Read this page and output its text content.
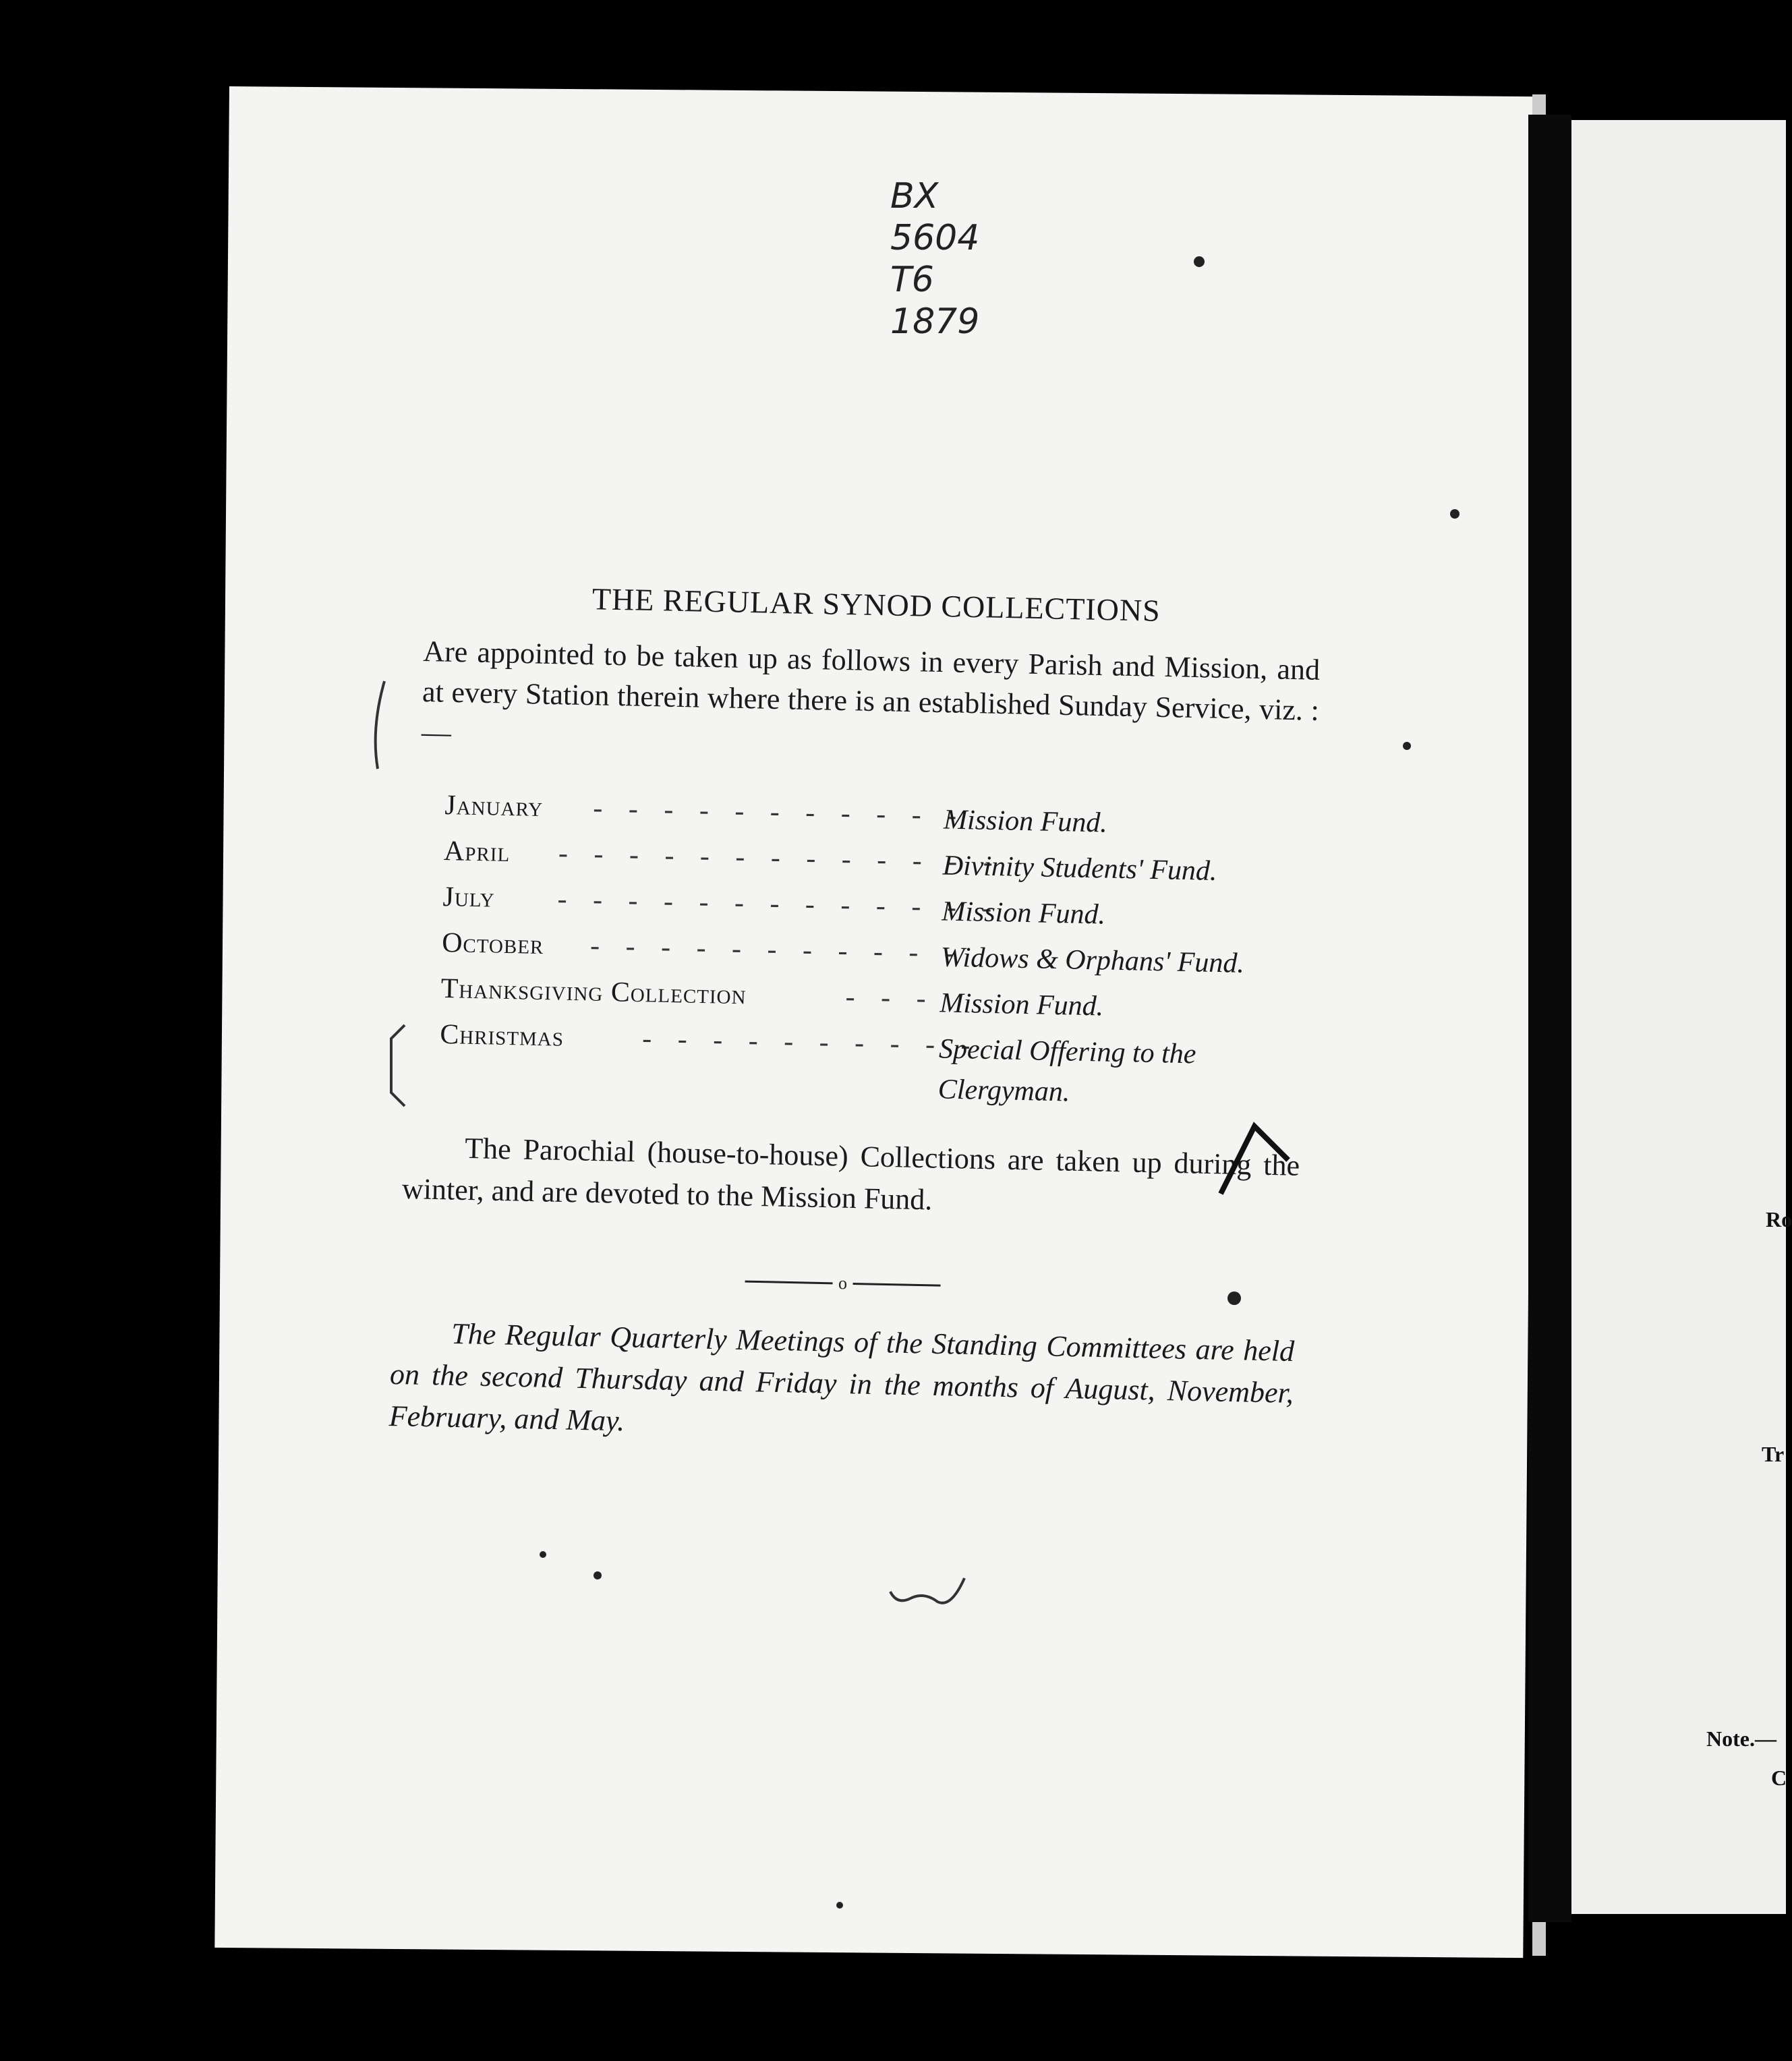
Ro
Tr
Note.—
C
BX
5604
T6
1879
THE REGULAR SYNOD COLLECTIONS
Are appointed to be taken up as follows in every Parish and Mission, and at every Station therein where there is an established Sunday Service, viz. :—
January - - - - - - - - - - -
Mission Fund.
April - - - - - - - - - - - - -
Divinity Students' Fund.
July - - - - - - - - - - - - -
Mission Fund.
October - - - - - - - - - - -
Widows & Orphans' Fund.
Thanksgiving Collection	- - - Mission Fund.
Christmas	- - - - - - - - - -
Special Offering to the Clergyman.
The Parochial (house-to-house) Collections are taken up during the winter, and are devoted to the Mission Fund.
o
The Regular Quarterly Meetings of the Standing Committees are held on the second Thursday and Friday in the months of August, November, February, and May.
